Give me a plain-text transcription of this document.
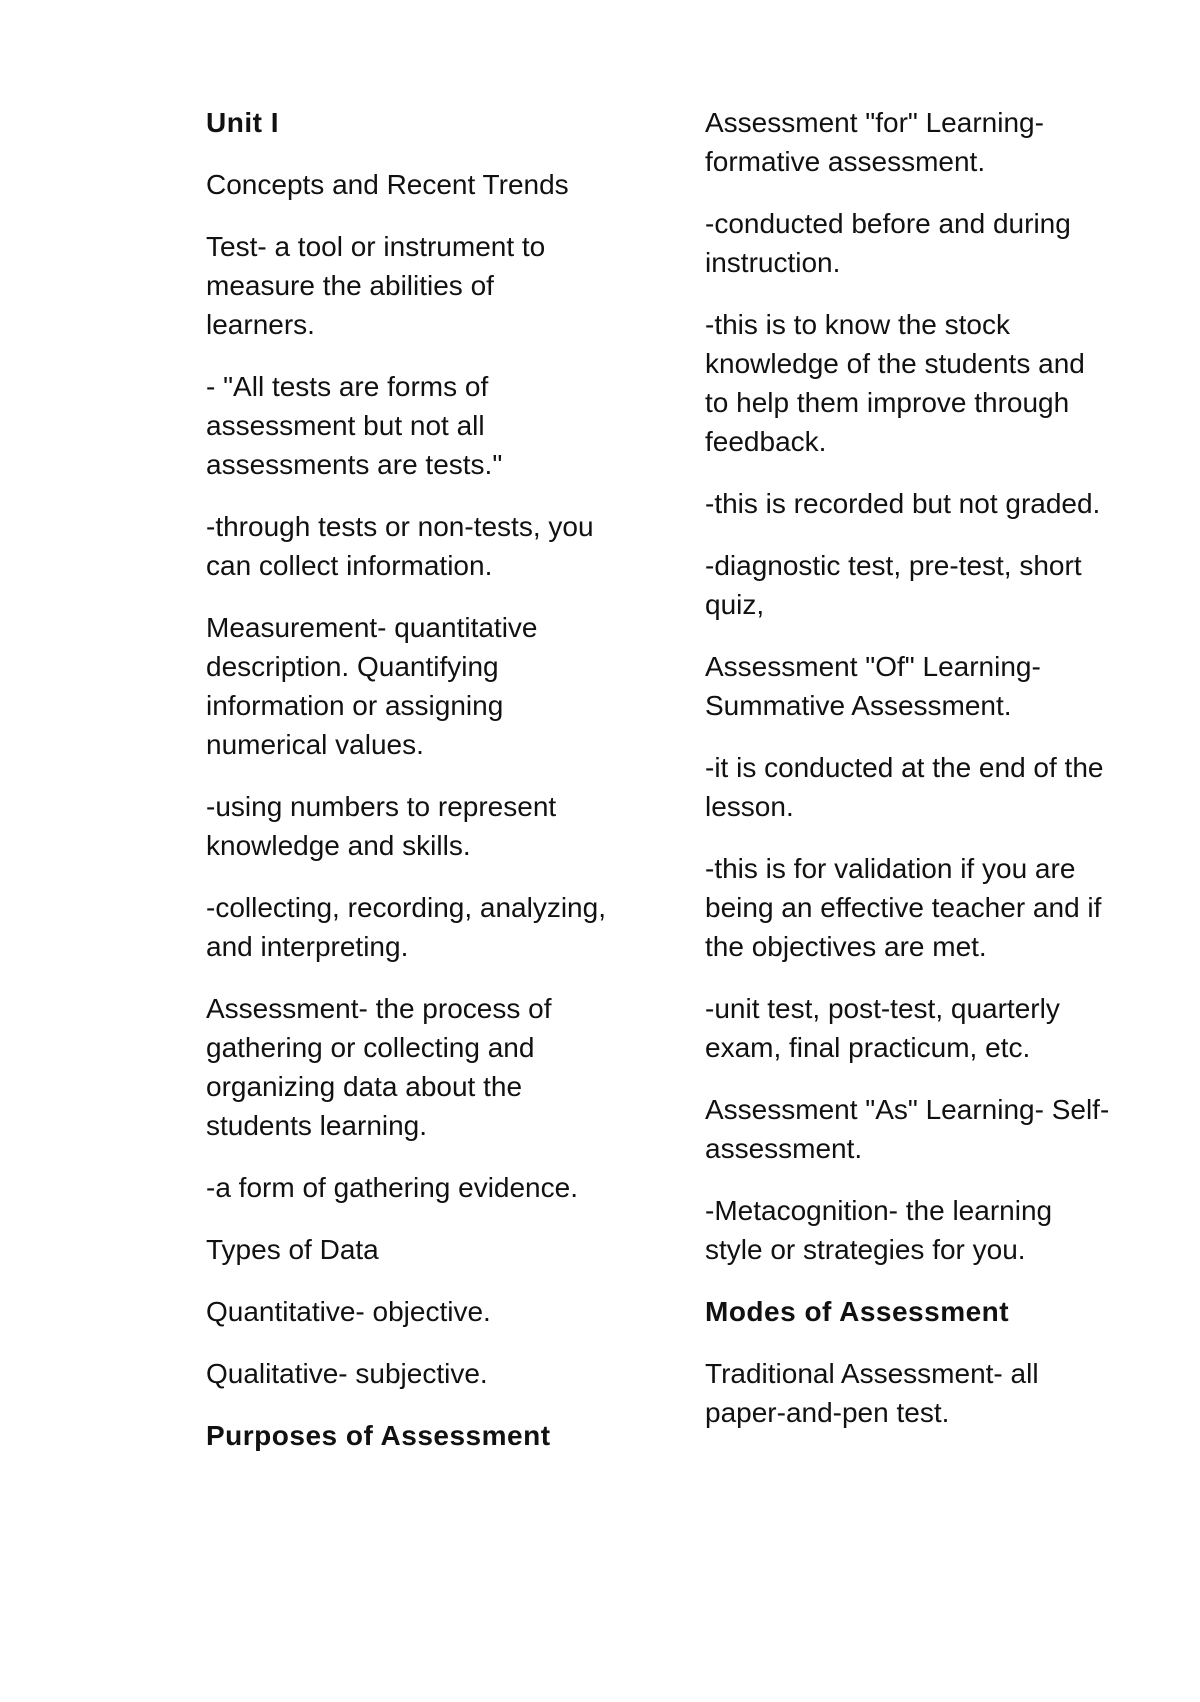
Unit I

Concepts and Recent Trends

Test- a tool or instrument to measure the abilities of learners.

- "All tests are forms of assessment but not all assessments are tests."

-through tests or non-tests, you can collect information.

Measurement- quantitative description. Quantifying information or assigning numerical values.

-using numbers to represent knowledge and skills.

-collecting, recording, analyzing, and interpreting.

Assessment- the process of gathering or collecting and organizing data about the students learning.

-a form of gathering evidence.

Types of Data

Quantitative- objective.

Qualitative- subjective.

Purposes of Assessment

Assessment "for" Learning- formative assessment.

-conducted before and during instruction.

-this is to know the stock knowledge of the students and to help them improve through feedback.

-this is recorded but not graded.

-diagnostic test, pre-test, short quiz,

Assessment "Of" Learning- Summative Assessment.

-it is conducted at the end of the lesson.

-this is for validation if you are being an effective teacher and if the objectives are met.

-unit test, post-test, quarterly exam, final practicum, etc.

Assessment "As" Learning- Self-assessment.

-Metacognition- the learning style or strategies for you.

Modes of Assessment

Traditional Assessment- all paper-and-pen test.
